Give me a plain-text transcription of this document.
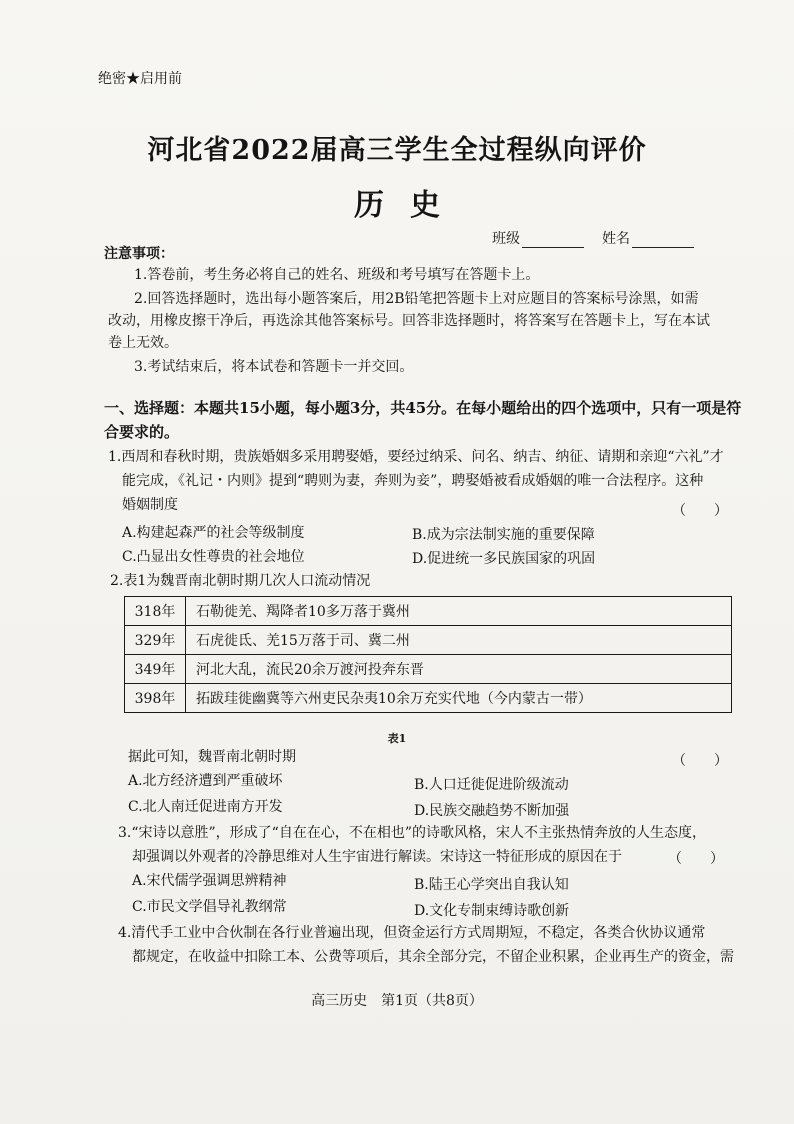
绝密★启用前
河北省2022届高三学生全过程纵向评价
历史
班级	姓名
注意事项：
1.答卷前，考生务必将自己的姓名、班级和考号填写在答题卡上。
2.回答选择题时，选出每小题答案后，用2B铅笔把答题卡上对应题目的答案标号涂黑，如需
改动，用橡皮擦干净后，再选涂其他答案标号。回答非选择题时，将答案写在答题卡上，写在本试
卷上无效。
3.考试结束后，将本试卷和答题卡一并交回。
一、选择题：本题共15小题，每小题3分，共45分。在每小题给出的四个选项中，只有一项是符合要求的。
1.西周和春秋时期，贵族婚姻多采用聘娶婚，要经过纳采、问名、纳吉、纳征、请期和亲迎“六礼”才
能完成，《礼记・内则》提到“聘则为妻，奔则为妾”，聘娶婚被看成婚姻的唯一合法程序。这种
婚姻制度	（　　）
A.构建起森严的社会等级制度	B.成为宗法制实施的重要保障
C.凸显出女性尊贵的社会地位	D.促进统一多民族国家的巩固
2.表1为魏晋南北朝时期几次人口流动情况
318年	石勒徙羌、羯降者10多万落于冀州
329年	石虎徙氐、羌15万落于司、冀二州
349年	河北大乱，流民20余万渡河投奔东晋
398年	拓跋珪徙幽冀等六州吏民杂夷10余万充实代地（今内蒙古一带）
表1
据此可知，魏晋南北朝时期	（　　）
A.北方经济遭到严重破坏	B.人口迁徙促进阶级流动
C.北人南迁促进南方开发	D.民族交融趋势不断加强
3.“宋诗以意胜”，形成了“自在在心，不在相也”的诗歌风格，宋人不主张热情奔放的人生态度，
却强调以外观者的冷静思维对人生宇宙进行解读。宋诗这一特征形成的原因在于	（　　）
A.宋代儒学强调思辨精神	B.陆王心学突出自我认知
C.市民文学倡导礼教纲常	D.文化专制束缚诗歌创新
4.清代手工业中合伙制在各行业普遍出现，但资金运行方式周期短，不稳定，各类合伙协议通常
都规定，在收益中扣除工本、公费等项后，其余全部分完，不留企业积累，企业再生产的资金，需
高三历史　第1页（共8页）
